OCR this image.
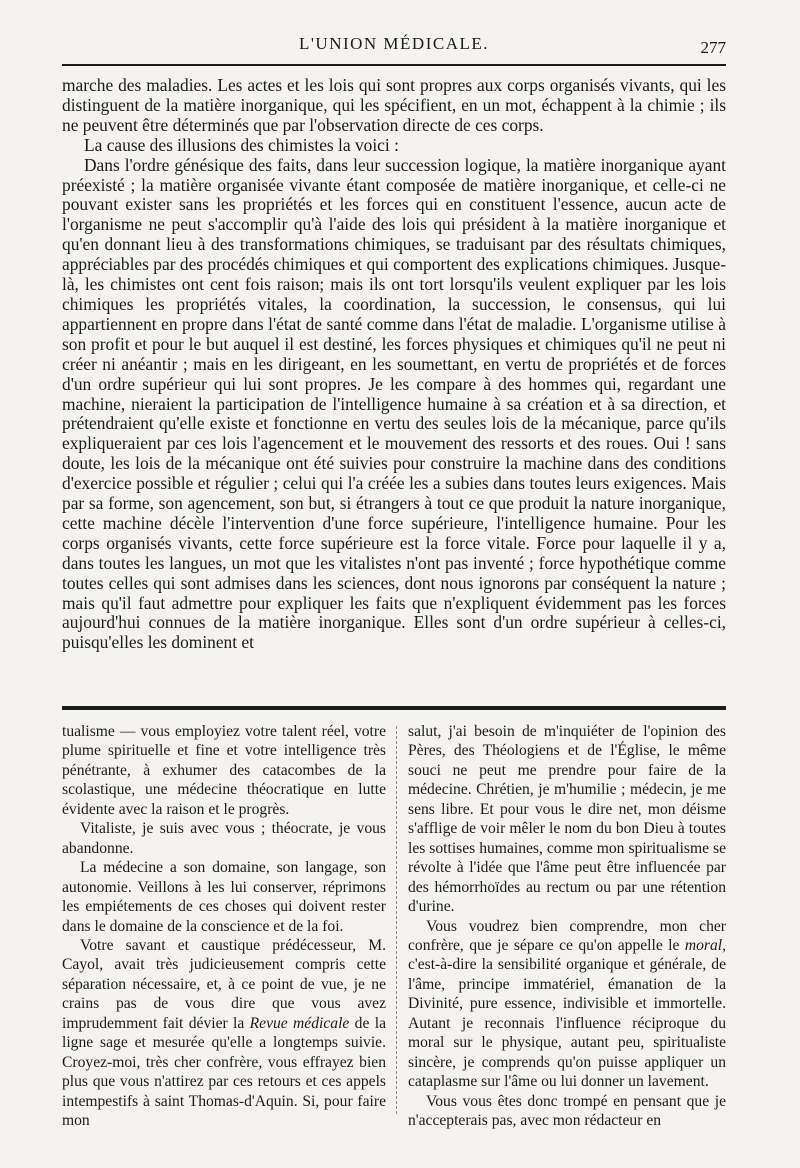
L'UNION MÉDICALE.	277

marche des maladies. Les actes et les lois qui sont propres aux corps organisés vivants, qui les distinguent de la matière inorganique, qui les spécifient, en un mot, échappent à la chimie ; ils ne peuvent être déterminés que par l'observation directe de ces corps.

La cause des illusions des chimistes la voici :

Dans l'ordre génésique des faits, dans leur succession logique, la matière inorganique ayant préexisté ; la matière organisée vivante étant composée de matière inorganique, et celle-ci ne pouvant exister sans les propriétés et les forces qui en constituent l'essence, aucun acte de l'organisme ne peut s'accomplir qu'à l'aide des lois qui président à la matière inorganique et qu'en donnant lieu à des transformations chimiques, se traduisant par des résultats chimiques, appréciables par des procédés chimiques et qui comportent des explications chimiques. Jusque-là, les chimistes ont cent fois raison; mais ils ont tort lorsqu'ils veulent expliquer par les lois chimiques les propriétés vitales, la coordination, la succession, le consensus, qui lui appartiennent en propre dans l'état de santé comme dans l'état de maladie. L'organisme utilise à son profit et pour le but auquel il est destiné, les forces physiques et chimiques qu'il ne peut ni créer ni anéantir ; mais en les dirigeant, en les soumettant, en vertu de propriétés et de forces d'un ordre supérieur qui lui sont propres. Je les compare à des hommes qui, regardant une machine, nieraient la participation de l'intelligence humaine à sa création et à sa direction, et prétendraient qu'elle existe et fonctionne en vertu des seules lois de la mécanique, parce qu'ils expliqueraient par ces lois l'agencement et le mouvement des ressorts et des roues. Oui ! sans doute, les lois de la mécanique ont été suivies pour construire la machine dans des conditions d'exercice possible et régulier ; celui qui l'a créée les a subies dans toutes leurs exigences. Mais par sa forme, son agencement, son but, si étrangers à tout ce que produit la nature inorganique, cette machine décèle l'intervention d'une force supérieure, l'intelligence humaine. Pour les corps organisés vivants, cette force supérieure est la force vitale. Force pour laquelle il y a, dans toutes les langues, un mot que les vitalistes n'ont pas inventé ; force hypothétique comme toutes celles qui sont admises dans les sciences, dont nous ignorons par conséquent la nature ; mais qu'il faut admettre pour expliquer les faits que n'expliquent évidemment pas les forces aujourd'hui connues de la matière inorganique. Elles sont d'un ordre supérieur à celles-ci, puisqu'elles les dominent et

tualisme — vous employiez votre talent réel, votre plume spirituelle et fine et votre intelligence très pénétrante, à exhumer des catacombes de la scolastique, une médecine théocratique en lutte évidente avec la raison et le progrès.

Vitaliste, je suis avec vous ; théocrate, je vous abandonne.

La médecine a son domaine, son langage, son autonomie. Veillons à les lui conserver, réprimons les empiétements de ces choses qui doivent rester dans le domaine de la conscience et de la foi.

Votre savant et caustique prédécesseur, M. Cayol, avait très judicieusement compris cette séparation nécessaire, et, à ce point de vue, je ne crains pas de vous dire que vous avez imprudemment fait dévier la Revue médicale de la ligne sage et mesurée qu'elle a longtemps suivie. Croyez-moi, très cher confrère, vous effrayez bien plus que vous n'attirez par ces retours et ces appels intempestifs à saint Thomas-d'Aquin. Si, pour faire mon

salut, j'ai besoin de m'inquiéter de l'opinion des Pères, des Théologiens et de l'Église, le même souci ne peut me prendre pour faire de la médecine. Chrétien, je m'humilie ; médecin, je me sens libre. Et pour vous le dire net, mon déisme s'afflige de voir mêler le nom du bon Dieu à toutes les sottises humaines, comme mon spiritualisme se révolte à l'idée que l'âme peut être influencée par des hémorrhoïdes au rectum ou par une rétention d'urine.

Vous voudrez bien comprendre, mon cher confrère, que je sépare ce qu'on appelle le moral, c'est-à-dire la sensibilité organique et générale, de l'âme, principe immatériel, émanation de la Divinité, pure essence, indivisible et immortelle. Autant je reconnais l'influence réciproque du moral sur le physique, autant peu, spiritualiste sincère, je comprends qu'on puisse appliquer un cataplasme sur l'âme ou lui donner un lavement.

Vous vous êtes donc trompé en pensant que je n'accepterais pas, avec mon rédacteur en
